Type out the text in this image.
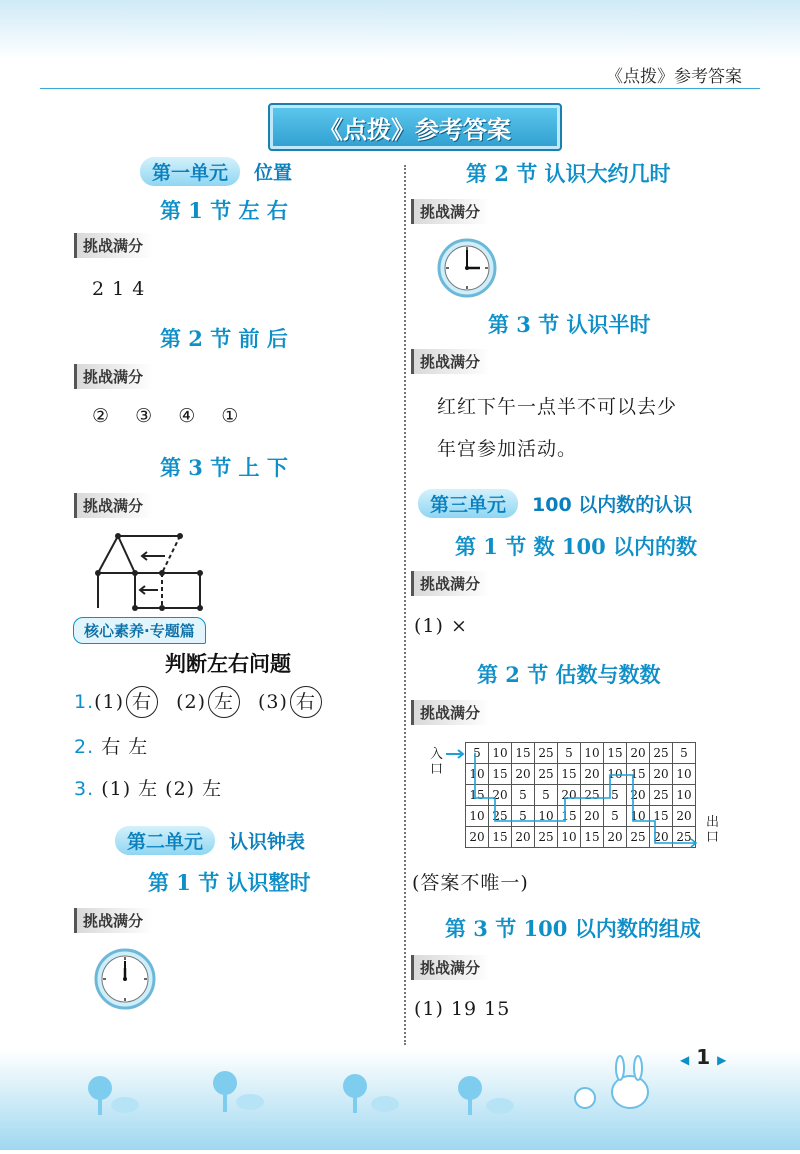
《点拨》参考答案
《点拨》参考答案
第一单元	位置
第 1 节 左 右
挑战满分
2 1 4
第 2 节 前 后
挑战满分
② ③ ④ ①
第 3 节 上 下
挑战满分
核心素养·专题篇
判断左右问题
1. (1) 右	(2) 左	(3) 右
2. 右 左
3. (1) 左 (2) 左
第二单元	认识钟表
第 1 节 认识整时
挑战满分
第 2 节 认识大约几时
挑战满分
第 3 节 认识半时
挑战满分
红红下午一点半不可以去少
年宫参加活动。
第三单元	100 以内数的认识
第 1 节 数 100 以内的数
挑战满分
(1) ×
第 2 节 估数与数数
挑战满分
入口
5	10	15	25	5	10	15	20	25	5
10	15	20	25	15	20	10	15	20	10
15	20	5	5	20	25	5	20	25	10
10	25	5	10	15	20	5	10	15	20
20	15	20	25	10	15	20	25	20	25
出口
(答案不唯一)
第 3 节 100 以内数的组成
挑战满分
(1) 19 15
◀ 1 ▶
